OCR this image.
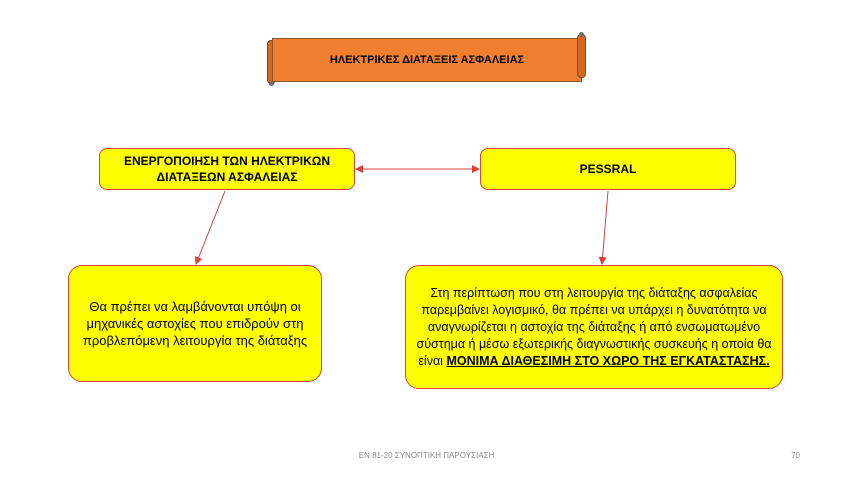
ΗΛΕΚΤΡΙΚΕΣ ΔΙΑΤΑΞΕΙΣ ΑΣΦΑΛΕΙΑΣ
ΕΝΕΡΓΟΠΟΙΗΣΗ ΤΩΝ ΗΛΕΚΤΡΙΚΩΝ ΔΙΑΤΑΞΕΩΝ ΑΣΦΑΛΕΙΑΣ
PESSRAL
Θα πρέπει να λαμβάνονται υπόψη οι μηχανικές αστοχίες που επιδρούν στη προβλεπόμενη λειτουργία της διάταξης
Στη περίπτωση που στη λειτουργία της διάταξης ασφαλείας παρεμβαίνει λογισμικό, θα πρέπει να υπάρχει η δυνατότητα να αναγνωρίζεται η αστοχία της διάταξης ή από ενσωματωμένο σύστημα ή μέσω εξωτερικής διαγνωστικής συσκευής η οποία θα είναι ΜΟΝΙΜΑ ΔΙΑΘΕΣΙΜΗ ΣΤΟ ΧΩΡΟ ΤΗΣ ΕΓΚΑΤΑΣΤΑΣΗΣ.
EN 81-20 ΣΥΝΟΠΤΙΚΗ ΠΑΡΟΥΣΙΑΣΗ	70
